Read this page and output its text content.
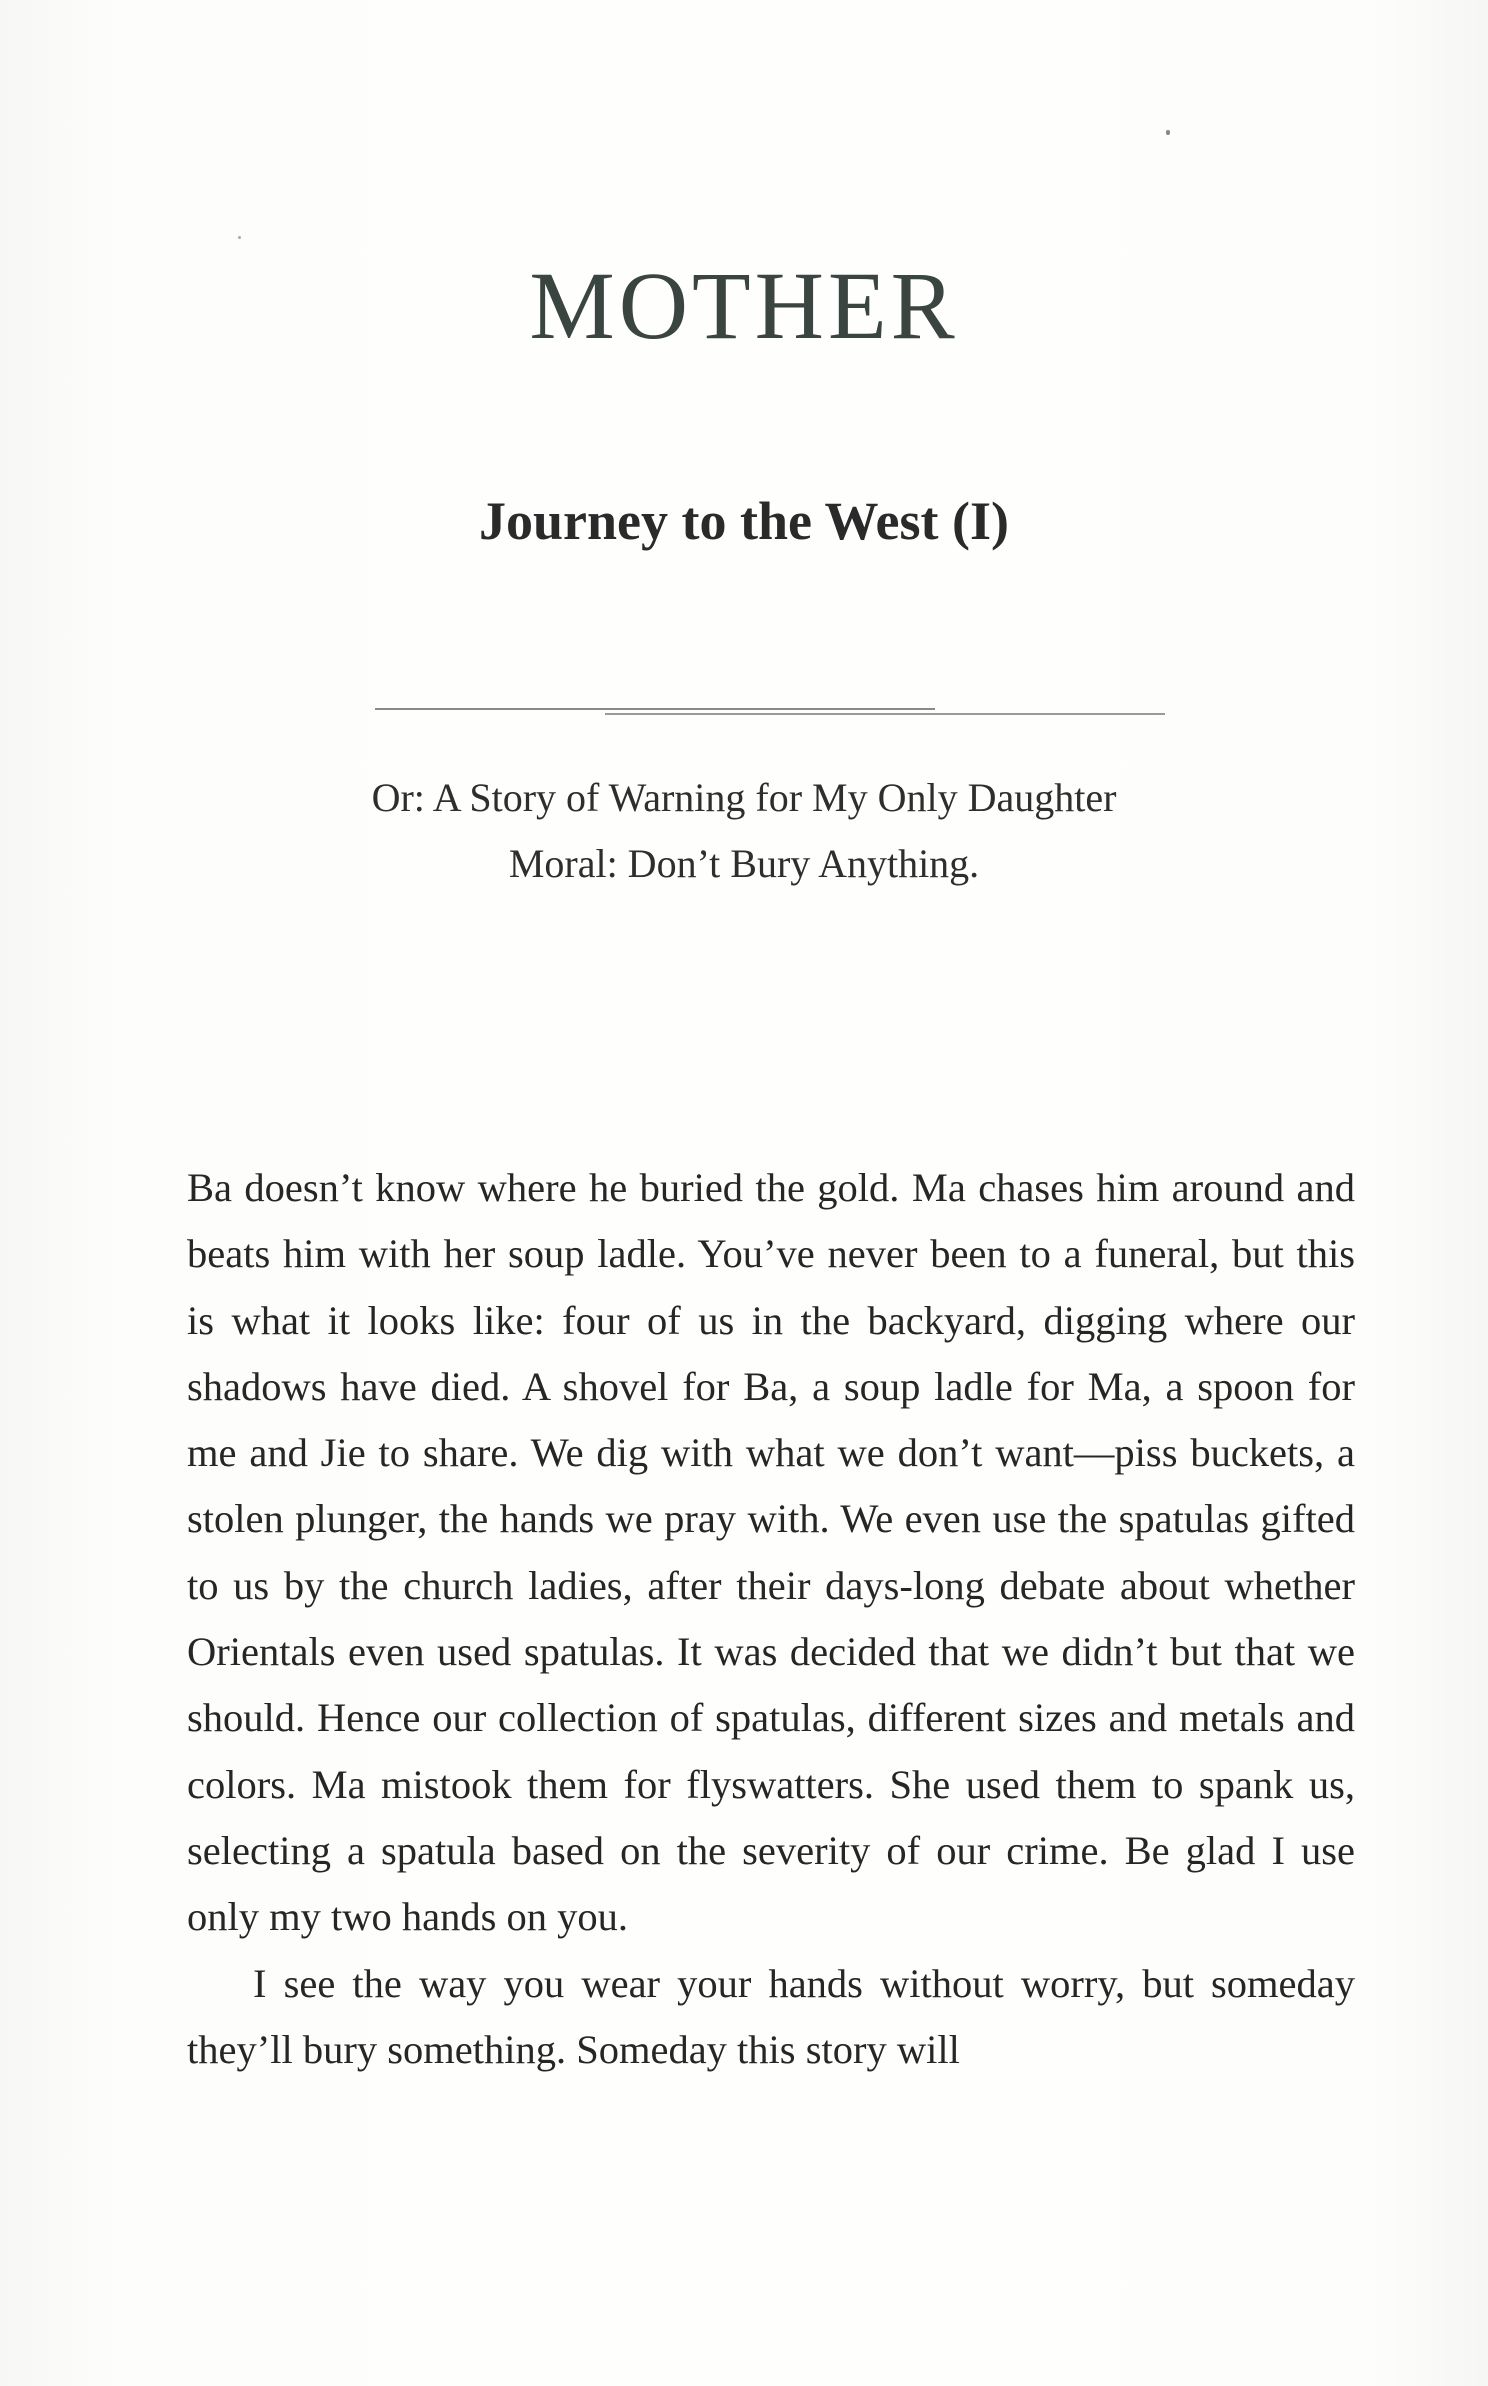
MOTHER
Journey to the West (I)
Or: A Story of Warning for My Only Daughter
Moral: Don’t Bury Anything.

Ba doesn’t know where he buried the gold. Ma chases him around and beats him with her soup ladle. You’ve never been to a funeral, but this is what it looks like: four of us in the backyard, digging where our shadows have died. A shovel for Ba, a soup ladle for Ma, a spoon for me and Jie to share. We dig with what we don’t want—piss buckets, a stolen plunger, the hands we pray with. We even use the spatulas gifted to us by the church ladies, after their days-long debate about whether Orientals even used spatulas. It was decided that we didn’t but that we should. Hence our collection of spatulas, different sizes and metals and colors. Ma mistook them for flyswatters. She used them to spank us, selecting a spatula based on the severity of our crime. Be glad I use only my two hands on you.

I see the way you wear your hands without worry, but someday they’ll bury something. Someday this story will
